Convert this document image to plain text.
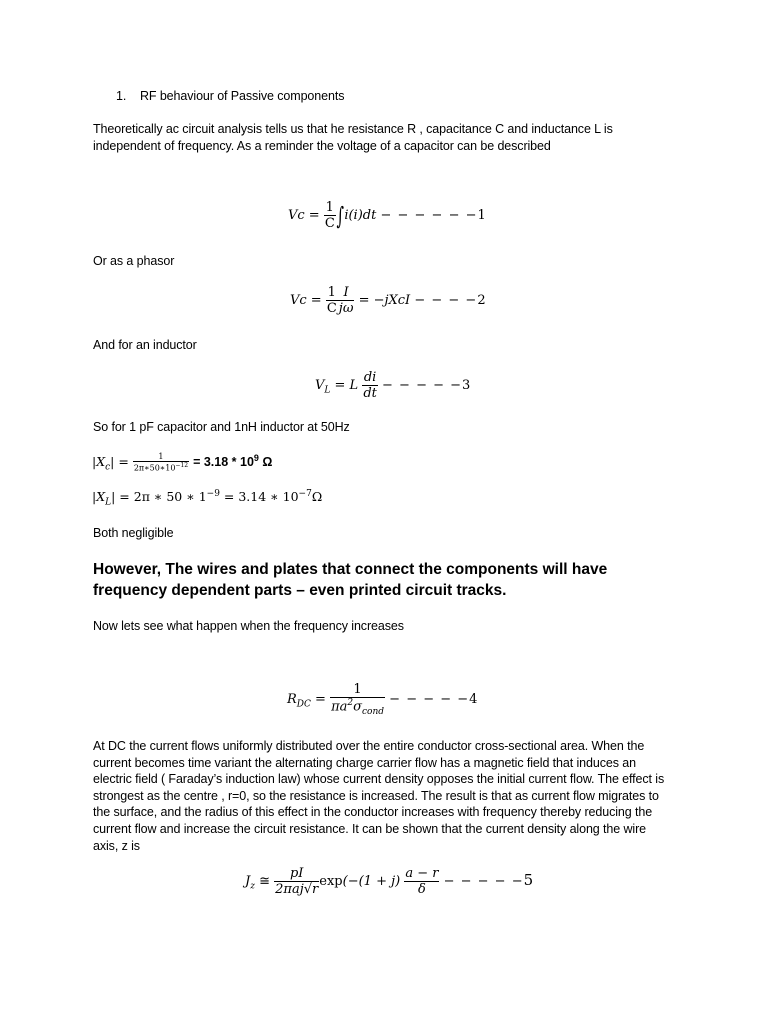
1. RF behaviour of Passive components
Theoretically ac circuit analysis tells us that he resistance R , capacitance C and inductance L is independent of frequency. As a reminder the voltage of a capacitor can be described
$Vc = \frac{1}{C} \int i(i)dt$ − − − − − −1
Or as a phasor
$Vc = \frac{1}{C} \frac{I}{j\omega}$ = −jXcI − − − −2
And for an inductor
$V_L = L \frac{di}{dt}$ − − − − −3
So for 1 pF capacitor and 1nH inductor at 50Hz
$|X_c| = \frac{1}{2\pi∗50∗10^{-12}} = 3.18 * 10^9$ Ω
$|X_L| = 2\pi$ ∗ 50 ∗ $1^{-9} = 3.14$ ∗ $10^{-7}\Omega$
Both negligible
However, The wires and plates that connect the components will have frequency dependent parts – even printed circuit tracks.
Now lets see what happen when the frequency increases
$R_{DC} = \frac{1}{\pi a^2\sigma_{cond}}$ − − − − −4
At DC the current flows uniformly distributed over the entire conductor cross-sectional area. When the current becomes time variant the alternating charge carrier flow has a magnetic field that induces an electric field ( Faraday’s induction law) whose current density opposes the initial current flow. The effect is strongest as the centre , r=0, so the resistance is increased. The result is that as current flow migrates to the surface, and the radius of this effect in the conductor increases with frequency thereby reducing the current flow and increase the circuit resistance. It can be shown that the current density along the wire axis, z is
$J_z$ ≅ $\frac{pI}{\text{2πaj√r}} \exp(-(1 + j) \frac{a - r}{\delta}$ − − − − −5
